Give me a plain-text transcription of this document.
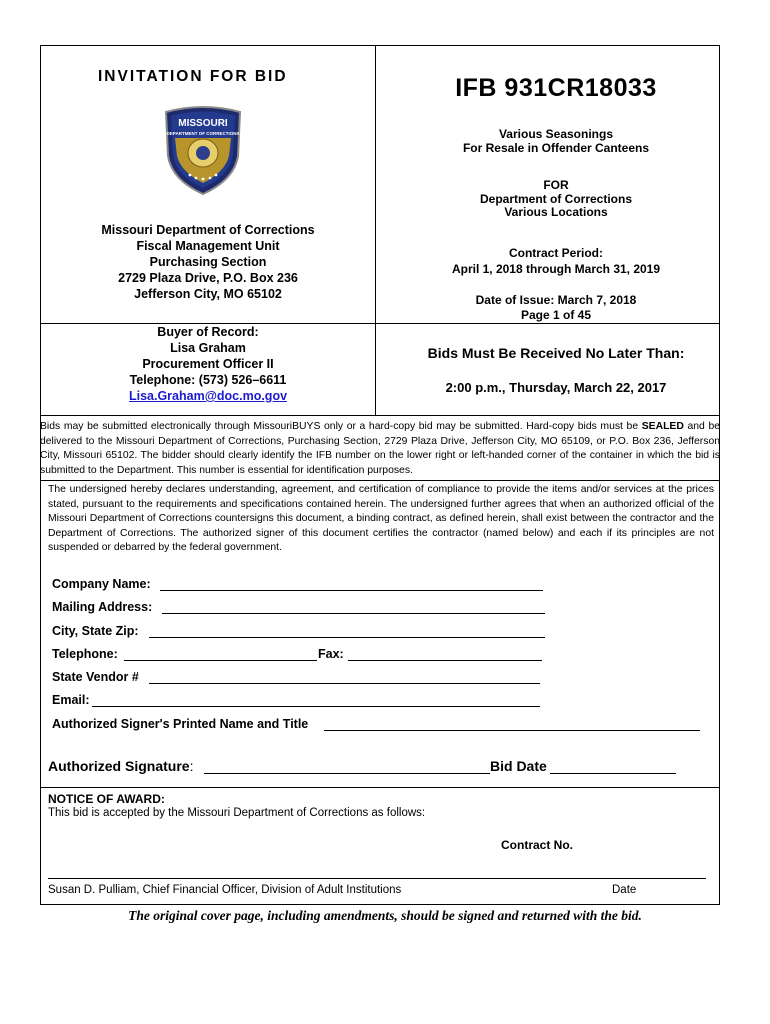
INVITATION FOR BID
MISSOURI
DEPARTMENT OF CORRECTIONS
Missouri Department of Corrections
Fiscal Management Unit
Purchasing Section
2729 Plaza Drive, P.O. Box 236
Jefferson City, MO 65102
IFB 931CR18033
Various Seasonings
For Resale in Offender Canteens
FOR
Department of Corrections
Various Locations
Contract Period:
April 1, 2018 through March 31, 2019
Date of Issue: March 7, 2018
Page 1 of 45
Buyer of Record:
Lisa Graham
Procurement Officer II
Telephone: (573) 526–6611
Lisa.Graham@doc.mo.gov
Bids Must Be Received No Later Than:
2:00 p.m., Thursday, March 22, 2017
Bids may be submitted electronically through MissouriBUYS only or a hard-copy bid may be submitted. Hard-copy bids must be SEALED and be delivered to the Missouri Department of Corrections, Purchasing Section, 2729 Plaza Drive, Jefferson City, MO 65109, or P.O. Box 236, Jefferson City, Missouri 65102. The bidder should clearly identify the IFB number on the lower right or left-handed corner of the container in which the bid is submitted to the Department. This number is essential for identification purposes.
The undersigned hereby declares understanding, agreement, and certification of compliance to provide the items and/or services at the prices stated, pursuant to the requirements and specifications contained herein. The undersigned further agrees that when an authorized official of the Missouri Department of Corrections countersigns this document, a binding contract, as defined herein, shall exist between the contractor and the Department of Corrections. The authorized signer of this document certifies the contractor (named below) and each if its principles are not suspended or debarred by the federal government.
Company Name:
Mailing Address:
City, State Zip:
Telephone:	Fax:
State Vendor #
Email:
Authorized Signer's Printed Name and Title
Authorized Signature:	Bid Date
NOTICE OF AWARD:
This bid is accepted by the Missouri Department of Corrections as follows:
Contract No.
Susan D. Pulliam, Chief Financial Officer, Division of Adult Institutions	Date
The original cover page, including amendments, should be signed and returned with the bid.
